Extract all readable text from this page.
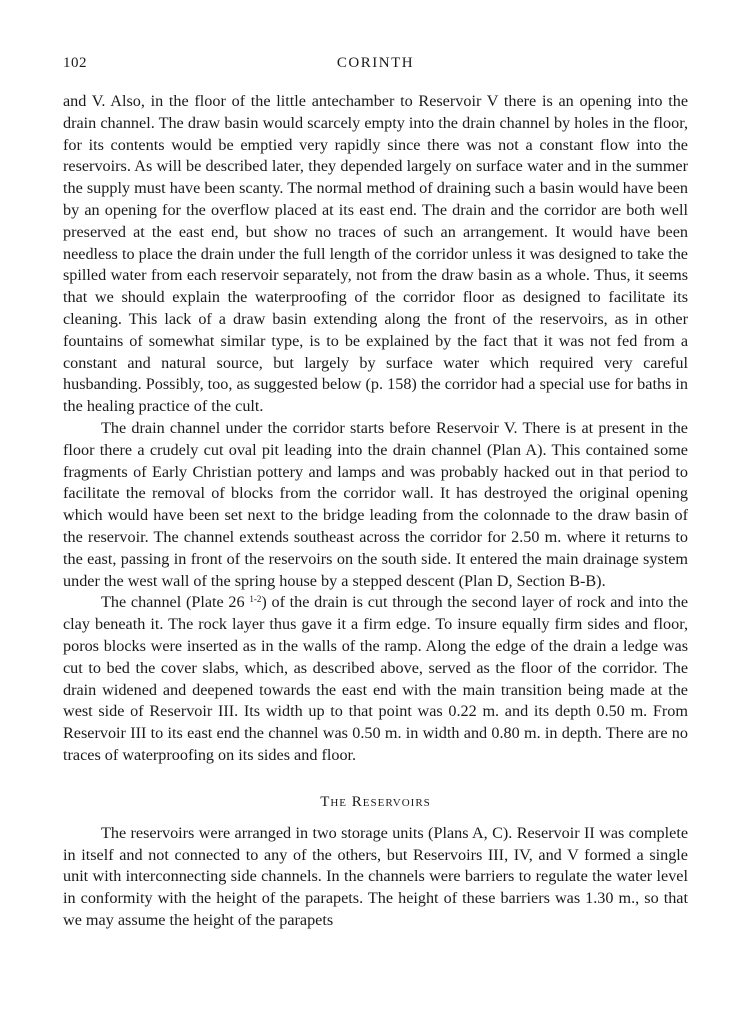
102	CORINTH

and V. Also, in the floor of the little antechamber to Reservoir V there is an opening into the drain channel. The draw basin would scarcely empty into the drain channel by holes in the floor, for its contents would be emptied very rapidly since there was not a constant flow into the reservoirs. As will be described later, they depended largely on surface water and in the summer the supply must have been scanty. The normal method of draining such a basin would have been by an opening for the overflow placed at its east end. The drain and the corridor are both well preserved at the east end, but show no traces of such an arrangement. It would have been needless to place the drain under the full length of the corridor unless it was designed to take the spilled water from each reservoir separately, not from the draw basin as a whole. Thus, it seems that we should explain the waterproofing of the corridor floor as designed to facilitate its cleaning. This lack of a draw basin extending along the front of the reservoirs, as in other fountains of somewhat similar type, is to be explained by the fact that it was not fed from a constant and natural source, but largely by surface water which required very careful husbanding. Possibly, too, as suggested below (p. 158) the corridor had a special use for baths in the healing practice of the cult.

The drain channel under the corridor starts before Reservoir V. There is at present in the floor there a crudely cut oval pit leading into the drain channel (Plan A). This contained some fragments of Early Christian pottery and lamps and was probably hacked out in that period to facilitate the removal of blocks from the corridor wall. It has destroyed the original opening which would have been set next to the bridge leading from the colonnade to the draw basin of the reservoir. The channel extends southeast across the corridor for 2.50 m. where it returns to the east, passing in front of the reservoirs on the south side. It entered the main drainage system under the west wall of the spring house by a stepped descent (Plan D, Section B-B).

The channel (Plate 26 $^{1-2}$) of the drain is cut through the second layer of rock and into the clay beneath it. The rock layer thus gave it a firm edge. To insure equally firm sides and floor, poros blocks were inserted as in the walls of the ramp. Along the edge of the drain a ledge was cut to bed the cover slabs, which, as described above, served as the floor of the corridor. The drain widened and deepened towards the east end with the main transition being made at the west side of Reservoir III. Its width up to that point was 0.22 m. and its depth 0.50 m. From Reservoir III to its east end the channel was 0.50 m. in width and 0.80 m. in depth. There are no traces of waterproofing on its sides and floor.

The Reservoirs

The reservoirs were arranged in two storage units (Plans A, C). Reservoir II was complete in itself and not connected to any of the others, but Reservoirs III, IV, and V formed a single unit with interconnecting side channels. In the channels were barriers to regulate the water level in conformity with the height of the parapets. The height of these barriers was 1.30 m., so that we may assume the height of the parapets
